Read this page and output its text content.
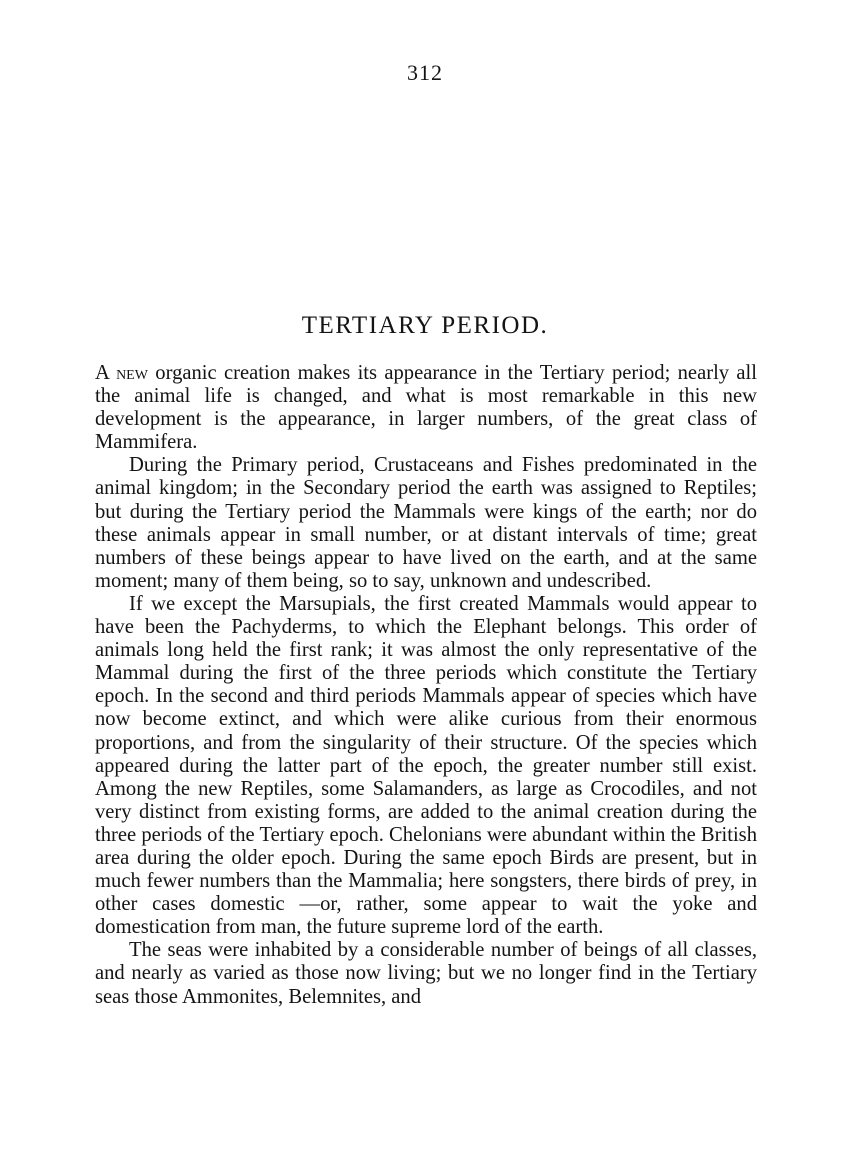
312
TERTIARY PERIOD.

A new organic creation makes its appearance in the Tertiary period; nearly all the animal life is changed, and what is most remarkable in this new development is the appearance, in larger numbers, of the great class of Mammifera.

During the Primary period, Crustaceans and Fishes predominated in the animal kingdom; in the Secondary period the earth was assigned to Reptiles; but during the Tertiary period the Mammals were kings of the earth; nor do these animals appear in small number, or at distant intervals of time; great numbers of these beings appear to have lived on the earth, and at the same moment; many of them being, so to say, unknown and undescribed.

If we except the Marsupials, the first created Mammals would appear to have been the Pachyderms, to which the Elephant belongs. This order of animals long held the first rank; it was almost the only representative of the Mammal during the first of the three periods which constitute the Tertiary epoch. In the second and third periods Mammals appear of species which have now become extinct, and which were alike curious from their enormous proportions, and from the singularity of their structure. Of the species which appeared during the latter part of the epoch, the greater number still exist. Among the new Reptiles, some Salamanders, as large as Crocodiles, and not very distinct from existing forms, are added to the animal creation during the three periods of the Tertiary epoch. Chelonians were abundant within the British area during the older epoch. During the same epoch Birds are present, but in much fewer numbers than the Mammalia; here songsters, there birds of prey, in other cases domestic —or, rather, some appear to wait the yoke and domestication from man, the future supreme lord of the earth.

The seas were inhabited by a considerable number of beings of all classes, and nearly as varied as those now living; but we no longer find in the Tertiary seas those Ammonites, Belemnites, and
